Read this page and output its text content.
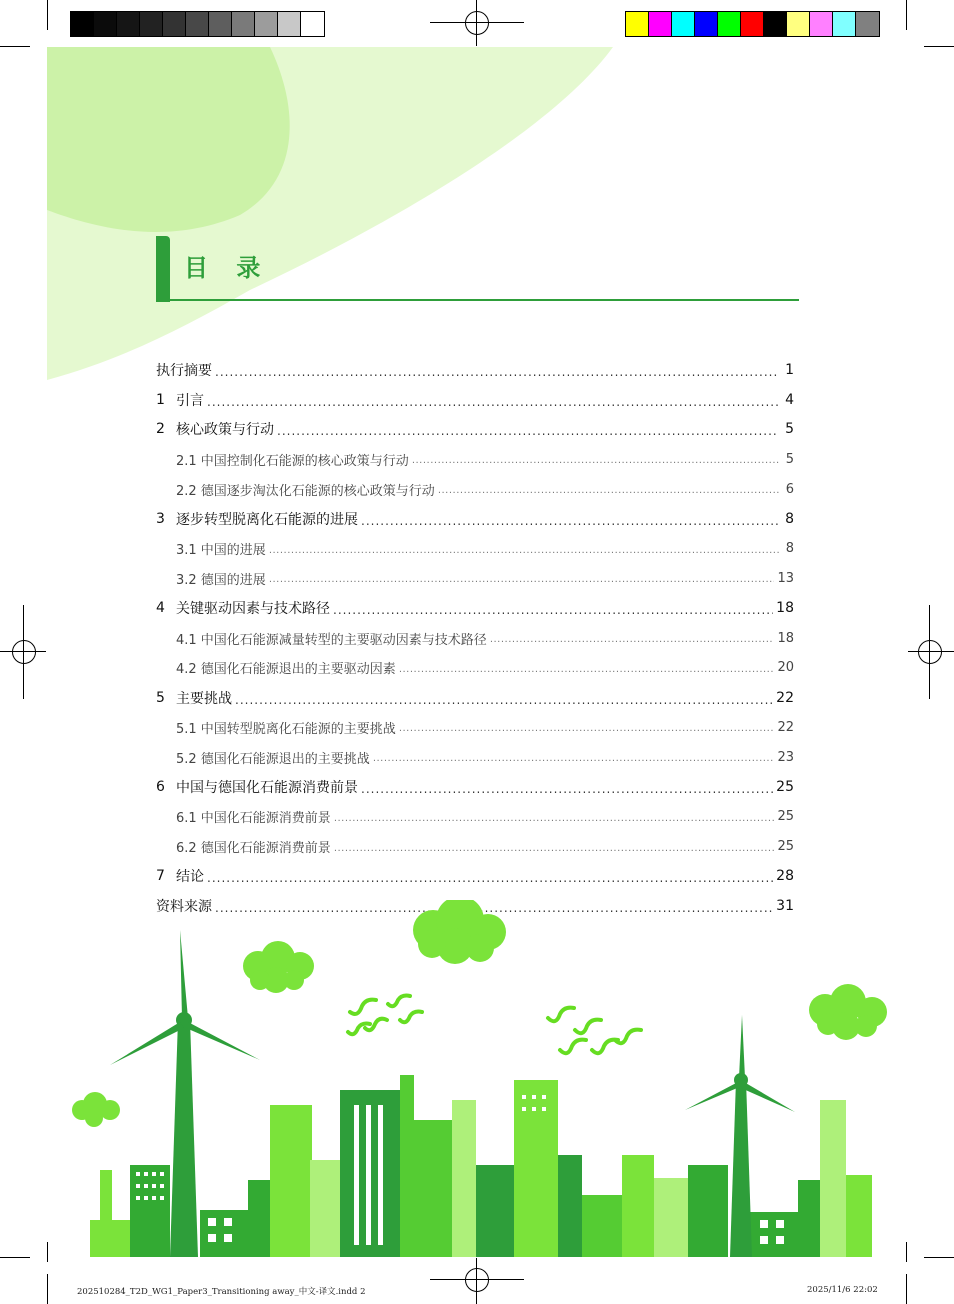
目 录
执行摘要 .....	1
1 引言 .....	4
2 核心政策与行动 .....	5
2.1 中国控制化石能源的核心政策与行动 .....	5
2.2 德国逐步淘汰化石能源的核心政策与行动 .....	6
3 逐步转型脱离化石能源的进展 .....	8
3.1 中国的进展 .....	8
3.2 德国的进展 .....	13
4 关键驱动因素与技术路径 .....	18
4.1 中国化石能源减量转型的主要驱动因素与技术路径 .....	18
4.2 德国化石能源退出的主要驱动因素 .....	20
5 主要挑战 .....	22
5.1 中国转型脱离化石能源的主要挑战 .....	22
5.2 德国化石能源退出的主要挑战 .....	23
6 中国与德国化石能源消费前景 .....	25
6.1 中国化石能源消费前景 .....	25
6.2 德国化石能源消费前景 .....	25
7 结论 .....	28
资料来源 .....	31
202510284_T2D_WG1_Paper3_Transitioning away_中文-译文.indd 2	2025/11/6 22:02
